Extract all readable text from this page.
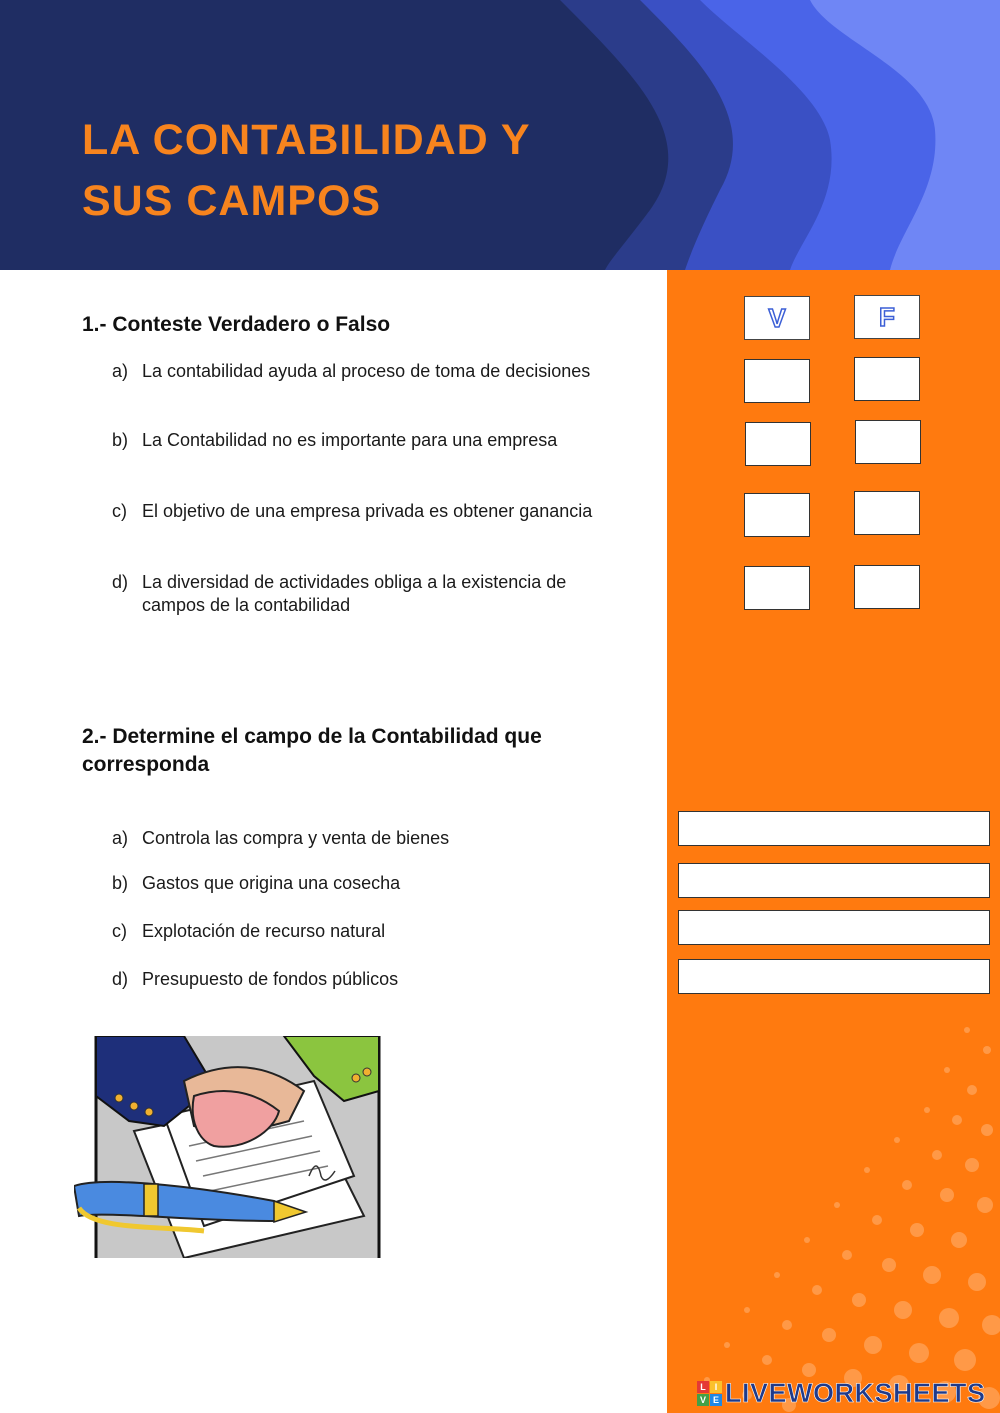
LA CONTABILIDAD Y
SUS CAMPOS
1.- Conteste Verdadero o Falso
a) La contabilidad ayuda al proceso de toma de decisiones
b) La Contabilidad no es importante para una empresa
c) El objetivo de una empresa privada es obtener ganancia
d) La diversidad de actividades obliga a la existencia de campos de la contabilidad
V	F
2.- Determine el campo de la Contabilidad que corresponda
a) Controla las compra y venta de bienes
b) Gastos que origina una cosecha
c) Explotación de recurso natural
d) Presupuesto de fondos públicos
L I
V E LIVEWORKSHEETS
